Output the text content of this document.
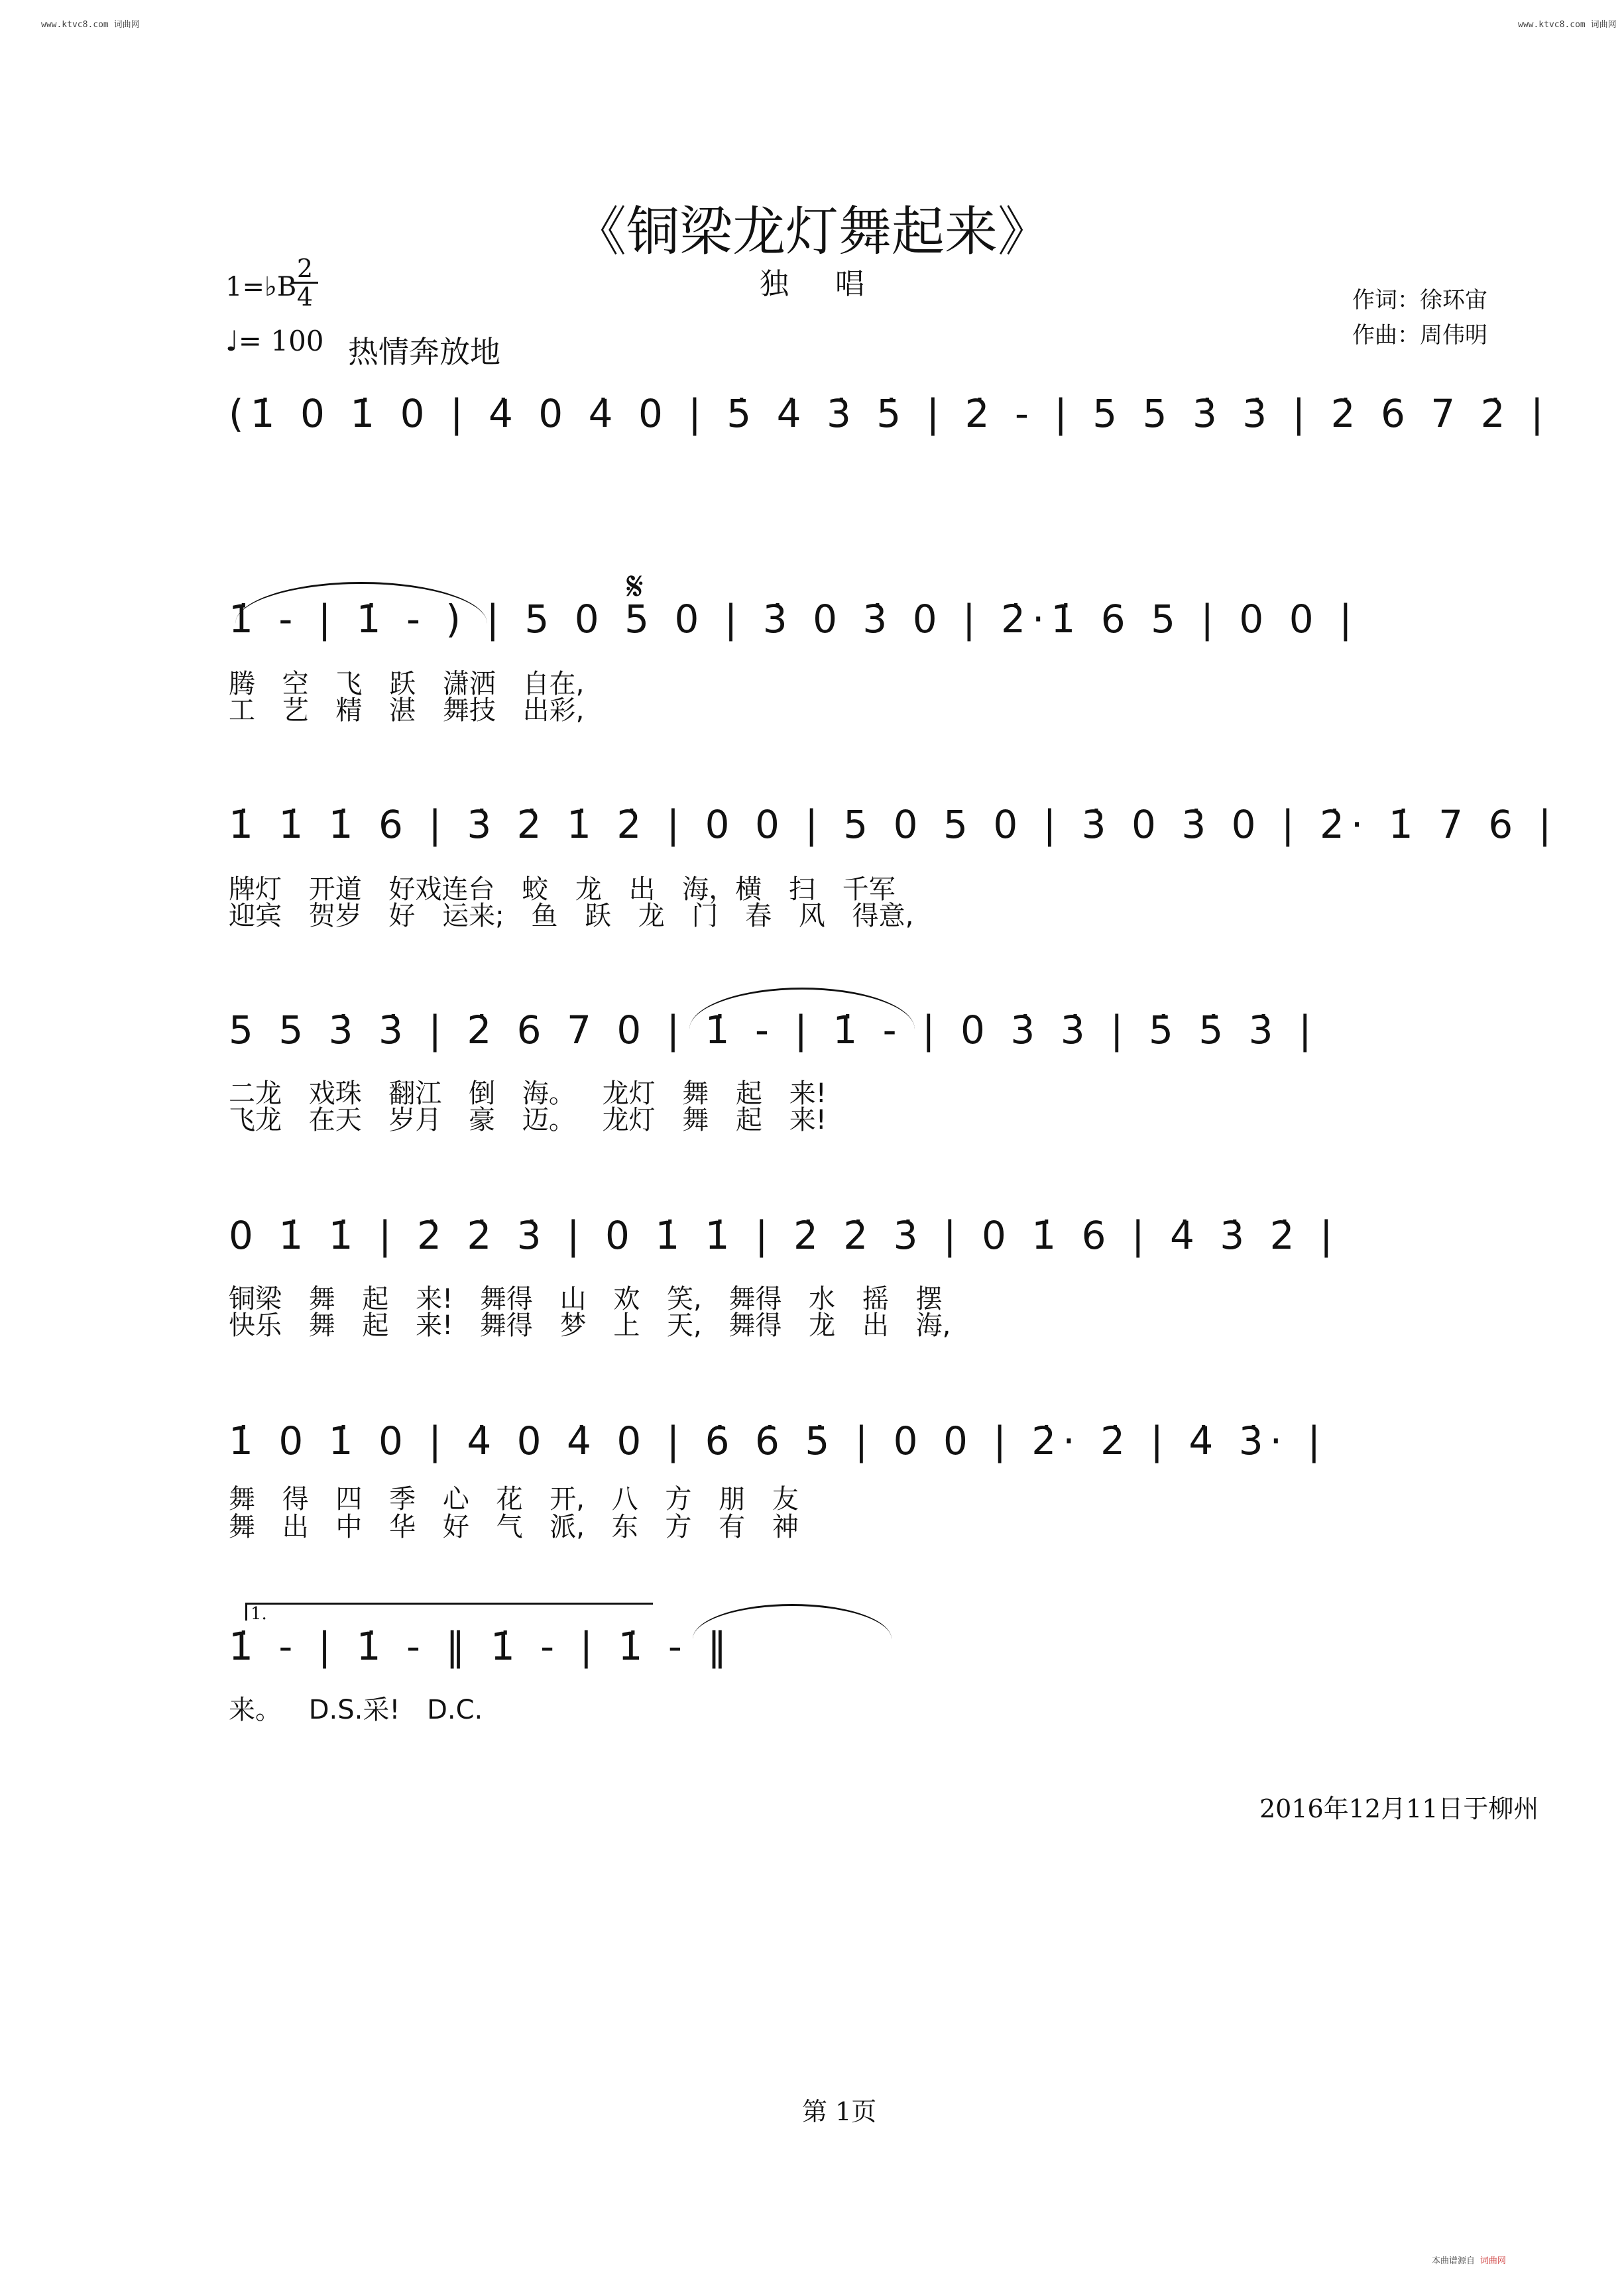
www.ktvc8.com 词曲网	www.ktvc8.com 词曲网
本曲谱源自 词曲网
《铜梁龙灯舞起来》
独唱
1=♭B
2
4
♩= 100 热情奔放地
作词：徐环宙
作曲：周伟明
(1̇ 0 1̇ 0 | 4̇ 0 4̇ 0 | 5̇ 4̇ 3̇ 5̇ | 2̇ - | 5 5 3̇ 3̇ | 2̇ 6 7 2̇ |
1̇ - | 1̇ - ) | 5 0 5 0 | 3̇ 0 3̇ 0 | 2̇·1̇ 6 5 | 0 0 |
腾 空 飞 跃 潇洒 自在,
工 艺 精 湛 舞技 出彩,
1̇ 1̇ 1̇ 6 | 3̇ 2̇ 1̇ 2̇ | 0 0 | 5 0 5 0 | 3̇ 0 3̇ 0 | 2̇· 1̇ 7 6 |
牌灯 开道 好戏连台 蛟 龙 出 海，横 扫 千军
迎宾 贺岁 好 运来; 鱼 跃 龙 门 春 风 得意,
5 5 3̇ 3̇ | 2̇ 6 7 0 | 1̇ - | 1̇ - | 0 3̇ 3̇ | 5̇ 5̇ 3̇ |
二龙 戏珠 翻江 倒 海。 龙灯 舞 起 来!
飞龙 在天 岁月 豪 迈。 龙灯 舞 起 来!
0 1̇ 1̇ | 2̇ 2̇ 3̇ | 0 1̇ 1̇ | 2̇ 2̇ 3̇ | 0 1̇ 6 | 4̇ 3̇ 2̇ |
铜梁 舞 起 来! 舞得 山 欢 笑, 舞得 水 摇 摆
快乐 舞 起 来! 舞得 梦 上 天, 舞得 龙 出 海,
1̇ 0 1̇ 0 | 4̇ 0 4̇ 0 | 6̇ 6̇ 5̇ | 0 0 | 2̇· 2̇ | 4̇ 3̇· |
舞 得 四 季 心 花 开, 八 方 朋 友
舞 出 中 华 好 气 派, 东 方 有 神
1̇ - | 1̇ - ‖ 1̇ - | 1̇ - ‖
来。 D.S.采! D.C.
𝄋
1.
2016年12月11日于柳州
第 1页
